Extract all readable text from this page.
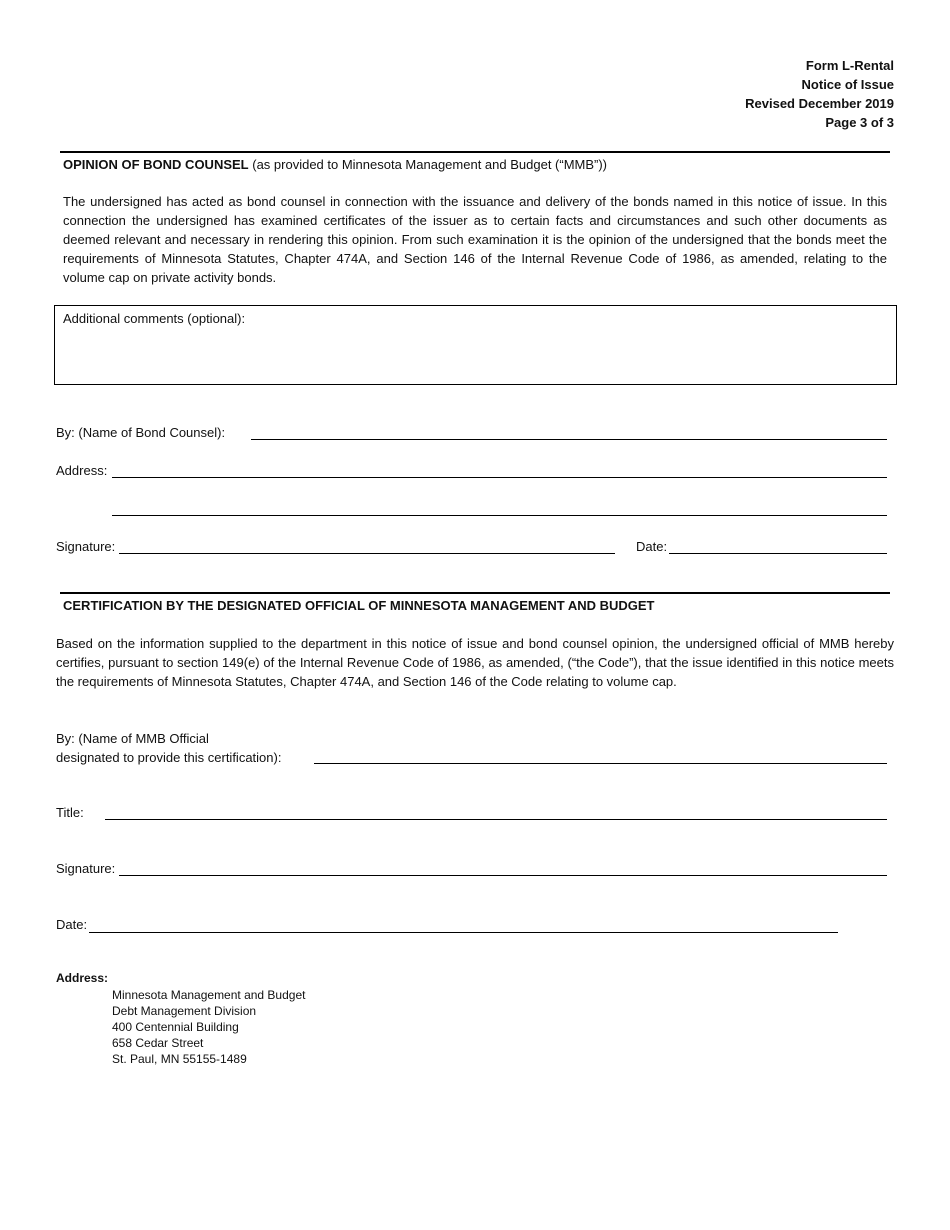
Form L-Rental
Notice of Issue
Revised December 2019
Page 3 of 3
OPINION OF BOND COUNSEL (as provided to Minnesota Management and Budget (“MMB”))
The undersigned has acted as bond counsel in connection with the issuance and delivery of the bonds named in this notice of issue. In this connection the undersigned has examined certificates of the issuer as to certain facts and circumstances and such other documents as deemed relevant and necessary in rendering this opinion. From such examination it is the opinion of the undersigned that the bonds meet the requirements of Minnesota Statutes, Chapter 474A, and Section 146 of the Internal Revenue Code of 1986, as amended, relating to the volume cap on private activity bonds.
Additional comments (optional):
By: (Name of Bond Counsel):
Address:
Signature:	Date:
CERTIFICATION BY THE DESIGNATED OFFICIAL OF MINNESOTA MANAGEMENT AND BUDGET
Based on the information supplied to the department in this notice of issue and bond counsel opinion, the undersigned official of MMB hereby certifies, pursuant to section 149(e) of the Internal Revenue Code of 1986, as amended, (“the Code”), that the issue identified in this notice meets the requirements of Minnesota Statutes, Chapter 474A, and Section 146 of the Code relating to volume cap.
By: (Name of MMB Official
designated to provide this certification):
Title:
Signature:
Date:
Address:
Minnesota Management and Budget
Debt Management Division
400 Centennial Building
658 Cedar Street
St. Paul, MN 55155-1489
